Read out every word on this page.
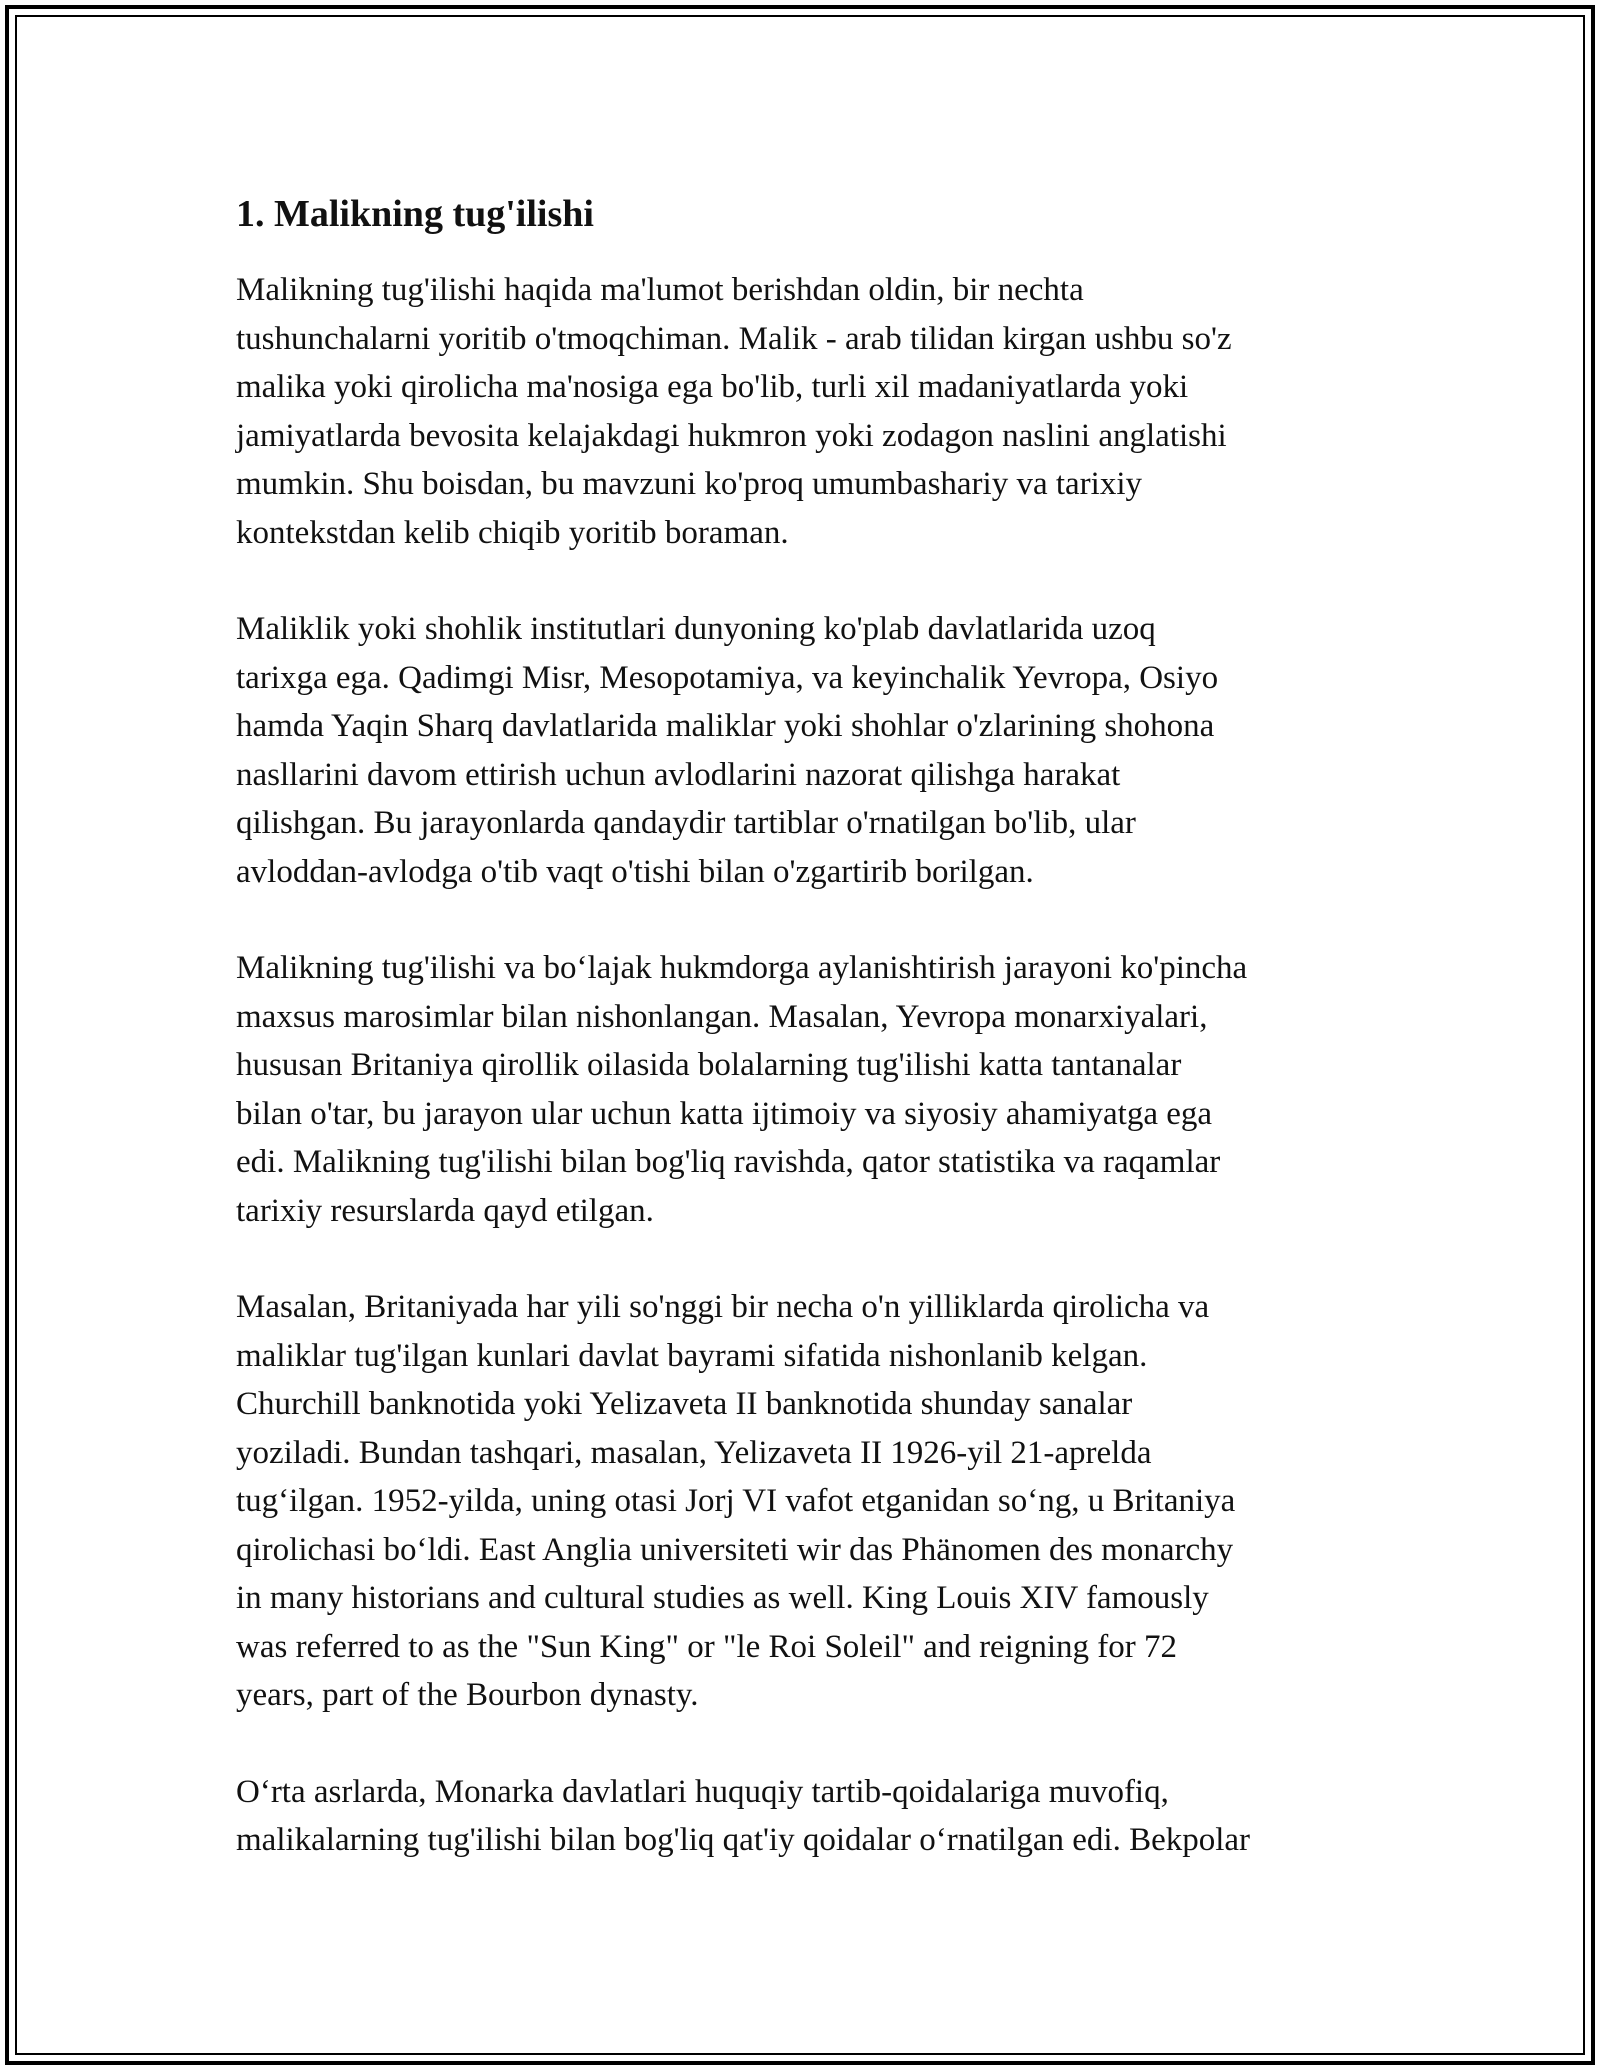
1. Malikning tug'ilishi

Malikning tug'ilishi haqida ma'lumot berishdan oldin, bir nechta
tushunchalarni yoritib o'tmoqchiman. Malik - arab tilidan kirgan ushbu so'z
malika yoki qirolicha ma'nosiga ega bo'lib, turli xil madaniyatlarda yoki
jamiyatlarda bevosita kelajakdagi hukmron yoki zodagon naslini anglatishi
mumkin. Shu boisdan, bu mavzuni ko'proq umumbashariy va tarixiy
kontekstdan kelib chiqib yoritib boraman.

Maliklik yoki shohlik institutlari dunyoning ko'plab davlatlarida uzoq
tarixga ega. Qadimgi Misr, Mesopotamiya, va keyinchalik Yevropa, Osiyo
hamda Yaqin Sharq davlatlarida maliklar yoki shohlar o'zlarining shohona
nasllarini davom ettirish uchun avlodlarini nazorat qilishga harakat
qilishgan. Bu jarayonlarda qandaydir tartiblar o'rnatilgan bo'lib, ular
avloddan-avlodga o'tib vaqt o'tishi bilan o'zgartirib borilgan.

Malikning tug'ilishi va bo‘lajak hukmdorga aylanishtirish jarayoni ko'pincha
maxsus marosimlar bilan nishonlangan. Masalan, Yevropa monarxiyalari,
hususan Britaniya qirollik oilasida bolalarning tug'ilishi katta tantanalar
bilan o'tar, bu jarayon ular uchun katta ijtimoiy va siyosiy ahamiyatga ega
edi. Malikning tug'ilishi bilan bog'liq ravishda, qator statistika va raqamlar
tarixiy resurslarda qayd etilgan.

Masalan, Britaniyada har yili so'nggi bir necha o'n yilliklarda qirolicha va
maliklar tug'ilgan kunlari davlat bayrami sifatida nishonlanib kelgan.
Churchill banknotida yoki Yelizaveta II banknotida shunday sanalar
yoziladi. Bundan tashqari, masalan, Yelizaveta II 1926-yil 21-aprelda
tug‘ilgan. 1952-yilda, uning otasi Jorj VI vafot etganidan so‘ng, u Britaniya
qirolichasi bo‘ldi. East Anglia universiteti wir das Phänomen des monarchy
in many historians and cultural studies as well. King Louis XIV famously
was referred to as the "Sun King" or "le Roi Soleil" and reigning for 72
years, part of the Bourbon dynasty.

O‘rta asrlarda, Monarka davlatlari huquqiy tartib-qoidalariga muvofiq,
malikalarning tug'ilishi bilan bog'liq qat'iy qoidalar o‘rnatilgan edi. Bekpolar
